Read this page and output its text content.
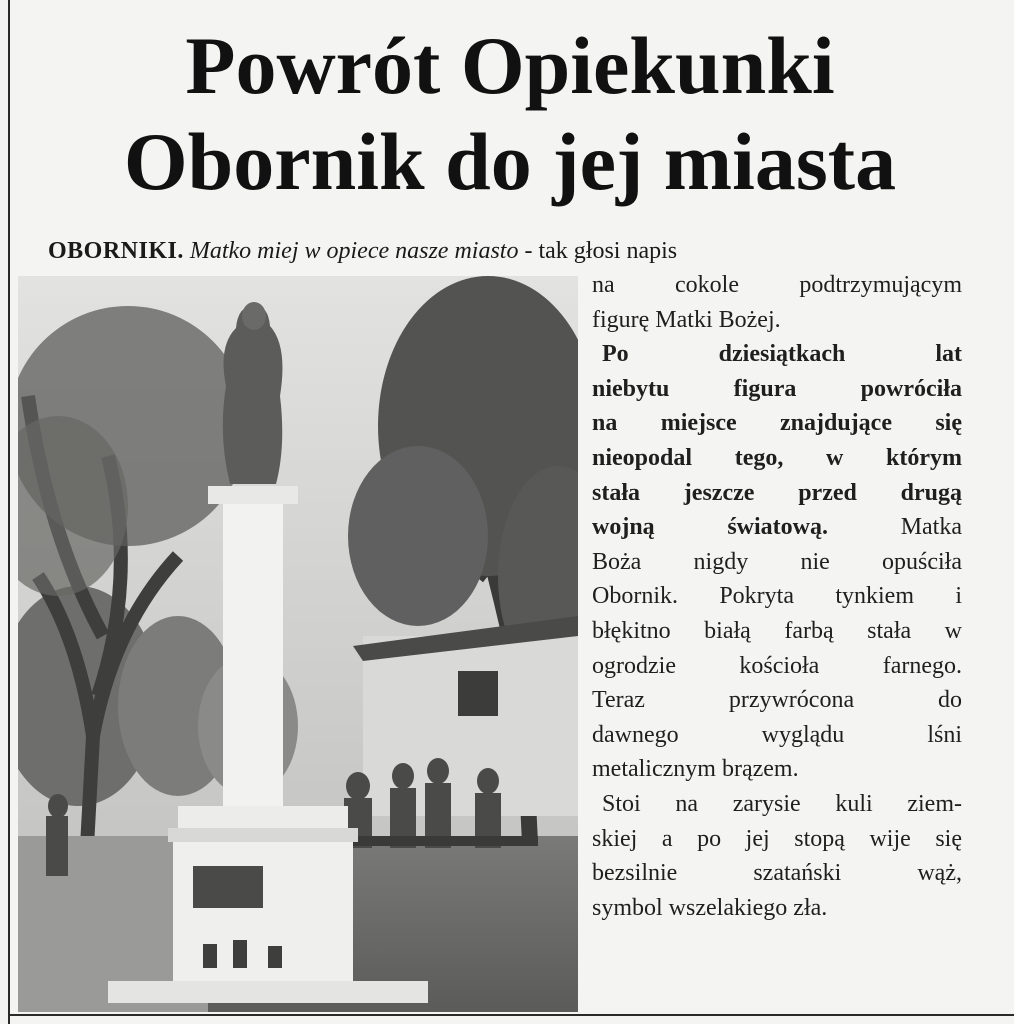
Powrót Opiekunki
Obornik do jej miasta
OBORNIKI. Matko miej w opiece nasze miasto - tak głosi napis

na cokole podtrzymującym

figurę Matki Bożej.

Po dziesiątkach lat

niebytu figura powróciła

na miejsce znajdujące się

nieopodal tego, w którym

stała jeszcze przed drugą

wojną światową. Matka

Boża nigdy nie opuściła

Obornik. Pokryta tynkiem i

błękitno białą farbą stała w

ogrodzie kościoła farnego.

Teraz przywrócona do

dawnego wyglądu lśni

metalicznym brązem.

Stoi na zarysie kuli ziem-

skiej a po jej stopą wije się

bezsilnie szatański wąż,

symbol wszelakiego zła.
